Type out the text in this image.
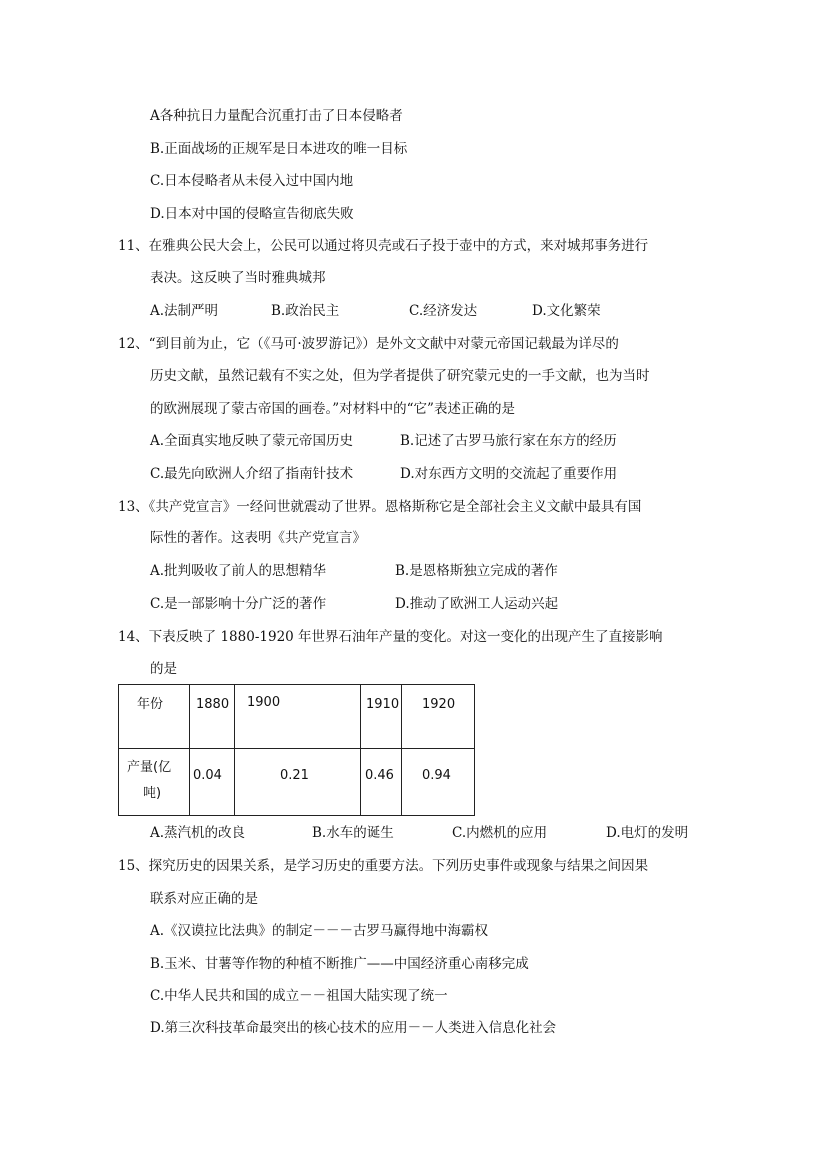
A各种抗日力量配合沉重打击了日本侵略者
B.正面战场的正规军是日本进攻的唯一目标
C.日本侵略者从未侵入过中国内地
D.日本对中国的侵略宣告彻底失败
11、在雅典公民大会上，公民可以通过将贝壳或石子投于壶中的方式，来对城邦事务进行
表决。这反映了当时雅典城邦
A.法制严明	B.政治民主	C.经济发达	D.文化繁荣
12、“到目前为止，它（《马可·波罗游记》）是外文文献中对蒙元帝国记载最为详尽的
历史文献，虽然记载有不实之处，但为学者提供了研究蒙元史的一手文献，也为当时
的欧洲展现了蒙古帝国的画卷。”对材料中的“它”表述正确的是
A.全面真实地反映了蒙元帝国历史	B.记述了古罗马旅行家在东方的经历
C.最先向欧洲人介绍了指南针技术	D.对东西方文明的交流起了重要作用
13、《共产党宣言》一经问世就震动了世界。恩格斯称它是全部社会主义文献中最具有国
际性的著作。这表明《共产党宣言》
A.批判吸收了前人的思想精华	B.是恩格斯独立完成的著作
C.是一部影响十分广泛的著作	D.推动了欧洲工人运动兴起
14、下表反映了 1880-1920 年世界石油年产量的变化。对这一变化的出现产生了直接影响
的是
年份	1880	1900	1910	1920

产量(亿
吨)	0.04	0.21	0.46	0.94
A.蒸汽机的改良	B.水车的诞生	C.内燃机的应用	D.电灯的发明
15、探究历史的因果关系，是学习历史的重要方法。下列历史事件或现象与结果之间因果
联系对应正确的是
A.《汉谟拉比法典》的制定－－－古罗马赢得地中海霸权
B.玉米、甘薯等作物的种植不断推广——中国经济重心南移完成
C.中华人民共和国的成立－－祖国大陆实现了统一
D.第三次科技革命最突出的核心技术的应用－－人类进入信息化社会
